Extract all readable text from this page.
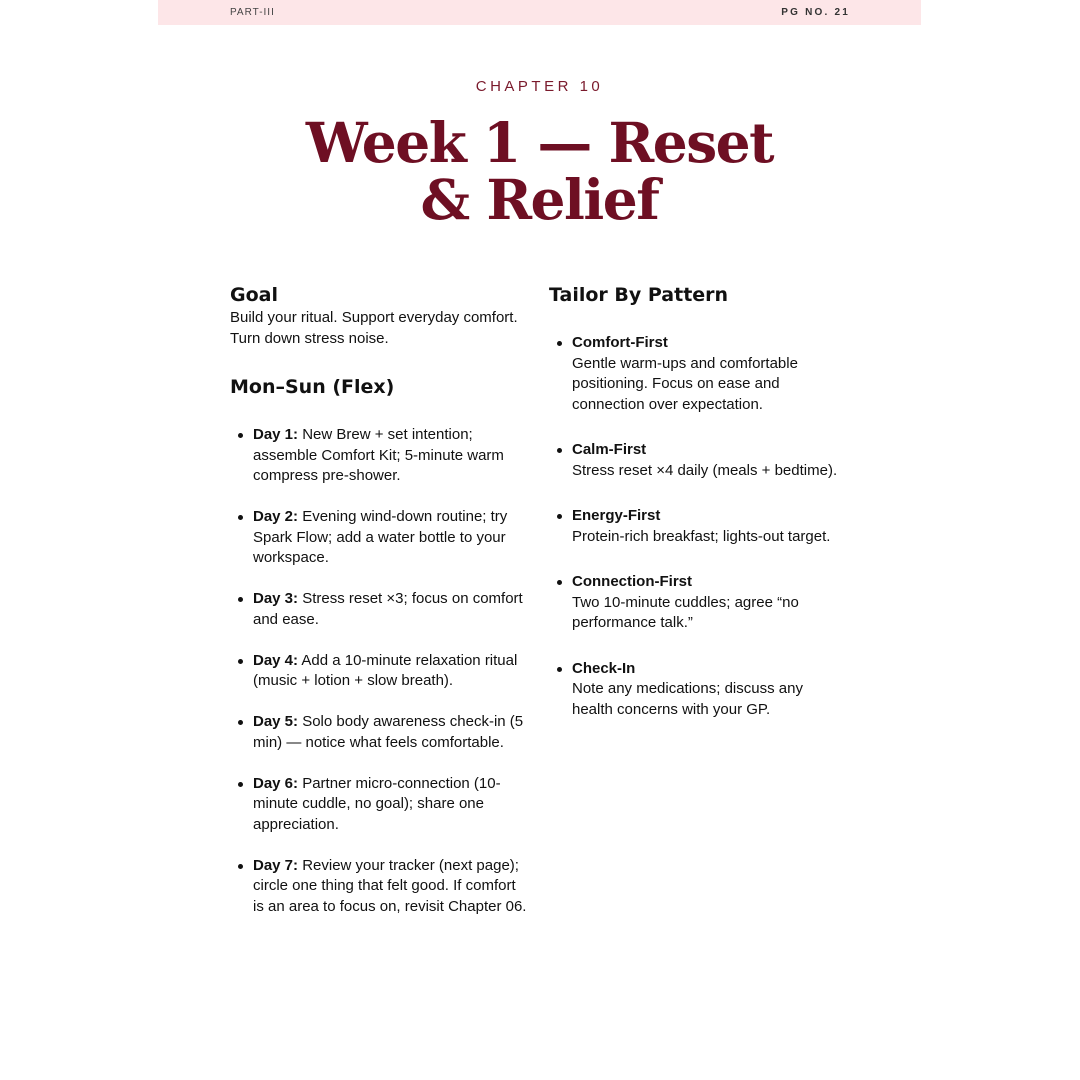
PART-III	PG NO. 21
CHAPTER 10
Week 1 — Reset
& Relief
Goal

Build your ritual. Support everyday comfort. Turn down stress noise.

Mon–Sun (Flex)
Day 1: New Brew + set intention; assemble Comfort Kit; 5-minute warm compress pre-shower.
Day 2: Evening wind-down routine; try Spark Flow; add a water bottle to your workspace.
Day 3: Stress reset ×3; focus on comfort and ease.
Day 4: Add a 10-minute relaxation ritual (music + lotion + slow breath).
Day 5: Solo body awareness check-in (5 min) — notice what feels comfortable.
Day 6: Partner micro-connection (10-minute cuddle, no goal); share one appreciation.
Day 7: Review your tracker (next page); circle one thing that felt good. If comfort is an area to focus on, revisit Chapter 06.
Tailor By Pattern
Comfort-First
Gentle warm-ups and comfortable positioning. Focus on ease and connection over expectation.
Calm-First
Stress reset ×4 daily (meals + bedtime).
Energy-First
Protein-rich breakfast; lights-out target.
Connection-First
Two 10-minute cuddles; agree “no performance talk.”
Check-In
Note any medications; discuss any health concerns with your GP.
